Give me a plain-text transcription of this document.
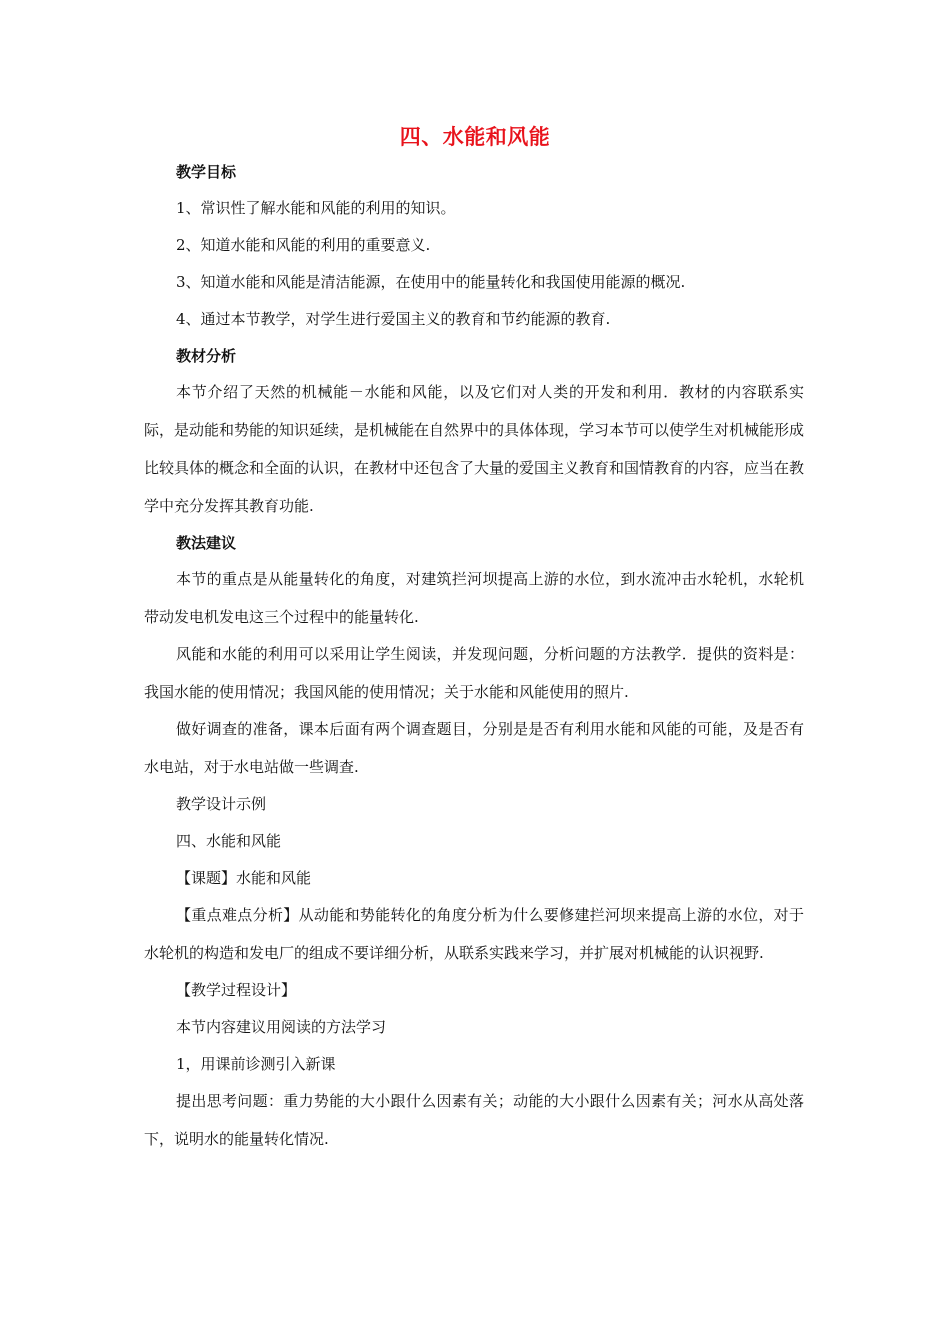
四、水能和风能
教学目标
1、常识性了解水能和风能的利用的知识。
2、知道水能和风能的利用的重要意义.
3、知道水能和风能是清洁能源，在使用中的能量转化和我国使用能源的概况.
4、通过本节教学，对学生进行爱国主义的教育和节约能源的教育.
教材分析

本节介绍了天然的机械能－水能和风能，以及它们对人类的开发和利用．教材的内容联系实际，是动能和势能的知识延续，是机械能在自然界中的具体体现，学习本节可以使学生对机械能形成比较具体的概念和全面的认识，在教材中还包含了大量的爱国主义教育和国情教育的内容，应当在教学中充分发挥其教育功能.

教法建议

本节的重点是从能量转化的角度，对建筑拦河坝提高上游的水位，到水流冲击水轮机，水轮机带动发电机发电这三个过程中的能量转化.

风能和水能的利用可以采用让学生阅读，并发现问题，分析问题的方法教学．提供的资料是：我国水能的使用情况；我国风能的使用情况；关于水能和风能使用的照片.

做好调查的准备，课本后面有两个调查题目，分别是是否有利用水能和风能的可能，及是否有水电站，对于水电站做一些调查.

教学设计示例
四、水能和风能
【课题】水能和风能

【重点难点分析】从动能和势能转化的角度分析为什么要修建拦河坝来提高上游的水位，对于水轮机的构造和发电厂的组成不要详细分析，从联系实践来学习，并扩展对机械能的认识视野.

【教学过程设计】
本节内容建议用阅读的方法学习
1，用课前诊测引入新课

提出思考问题：重力势能的大小跟什么因素有关；动能的大小跟什么因素有关；河水从高处落下，说明水的能量转化情况.
